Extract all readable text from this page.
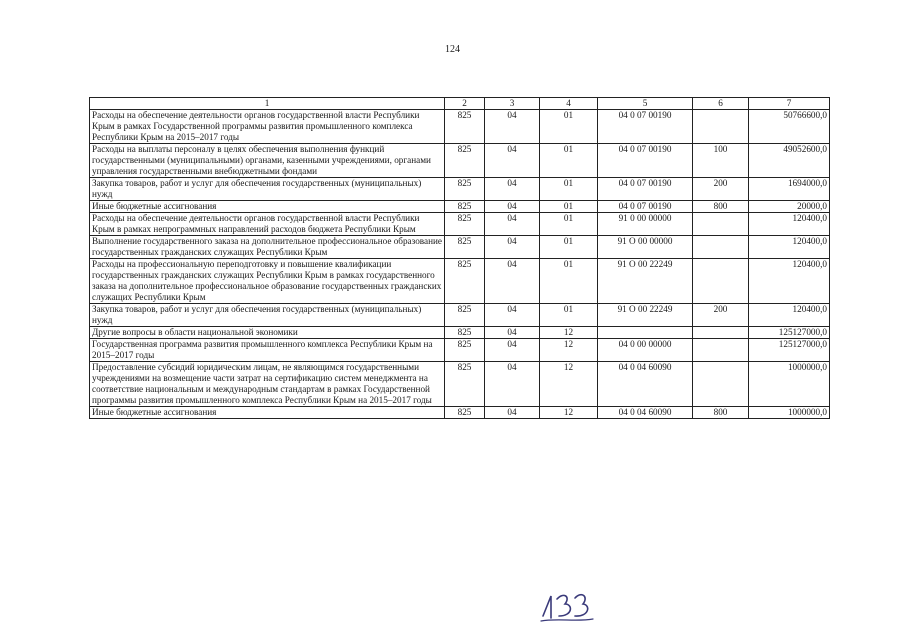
124
1	2	3	4	5	6	7
Расходы на обеспечение деятельности органов государственной власти Республики Крым в рамках Государственной программы развития промышленного комплекса Республики Крым на 2015–2017 годы	825	04	01	04 0 07 00190		50766600,0
Расходы на выплаты персоналу в целях обеспечения выполнения функций государственными (муниципальными) органами, казенными учреждениями, органами управления государственными внебюджетными фондами	825	04	01	04 0 07 00190	100	49052600,0
Закупка товаров, работ и услуг для обеспечения государственных (муниципальных) нужд	825	04	01	04 0 07 00190	200	1694000,0
Иные бюджетные ассигнования	825	04	01	04 0 07 00190	800	20000,0
Расходы на обеспечение деятельности органов государственной власти Республики Крым в рамках непрограммных направлений расходов бюджета Республики Крым	825	04	01	91 0 00 00000		120400,0
Выполнение государственного заказа на дополнительное профессиональное образование государственных гражданских служащих Республики Крым	825	04	01	91 О 00 00000		120400,0
Расходы на профессиональную переподготовку и повышение квалификации государственных гражданских служащих Республики Крым в рамках государственного заказа на дополнительное профессиональное образование государственных гражданских служащих Республики Крым	825	04	01	91 О 00 22249		120400,0
Закупка товаров, работ и услуг для обеспечения государственных (муниципальных) нужд	825	04	01	91 О 00 22249	200	120400,0
Другие вопросы в области национальной экономики	825	04	12			125127000,0
Государственная программа развития промышленного комплекса Республики Крым на 2015–2017 годы	825	04	12	04 0 00 00000		125127000,0
Предоставление субсидий юридическим лицам, не являющимся государственными учреждениями на возмещение части затрат на сертификацию систем менеджмента на соответствие национальным и международным стандартам в рамках Государственной программы развития промышленного комплекса Республики Крым на 2015–2017 годы	825	04	12	04 0 04 60090		1000000,0
Иные бюджетные ассигнования	825	04	12	04 0 04 60090	800	1000000,0
